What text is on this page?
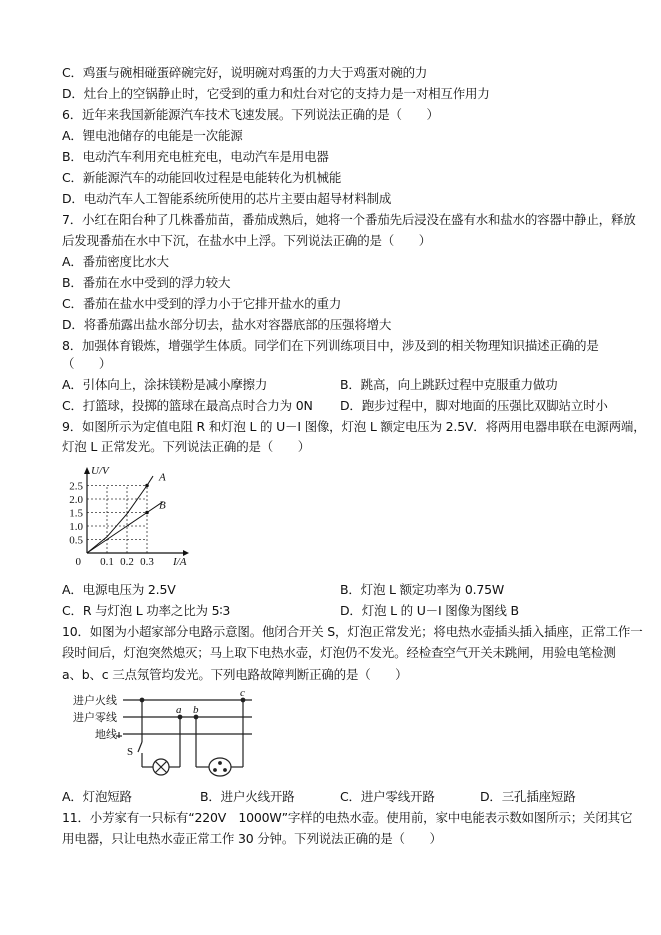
C．鸡蛋与碗相碰蛋碎碗完好，说明碗对鸡蛋的力大于鸡蛋对碗的力
D．灶台上的空锅静止时，它受到的重力和灶台对它的支持力是一对相互作用力
6．近年来我国新能源汽车技术飞速发展。下列说法正确的是（　　）
A．锂电池储存的电能是一次能源
B．电动汽车利用充电桩充电，电动汽车是用电器
C．新能源汽车的动能回收过程是电能转化为机械能
D．电动汽车人工智能系统所使用的芯片主要由超导材料制成
7．小红在阳台种了几株番茄苗，番茄成熟后，她将一个番茄先后浸没在盛有水和盐水的容器中静止，释放
后发现番茄在水中下沉，在盐水中上浮。下列说法正确的是（　　）
A．番茄密度比水大
B．番茄在水中受到的浮力较大
C．番茄在盐水中受到的浮力小于它排开盐水的重力
D．将番茄露出盐水部分切去，盐水对容器底部的压强将增大
8．加强体育锻炼，增强学生体质。同学们在下列训练项目中，涉及到的相关物理知识描述正确的是
（　　）
A．引体向上，涂抹镁粉是减小摩擦力	B．跳高，向上跳跃过程中克服重力做功
C．打篮球，投掷的篮球在最高点时合力为 0N D．跑步过程中，脚对地面的压强比双脚站立时小
9．如图所示为定值电阻 R 和灯泡 L 的 U－I 图像，灯泡 L 额定电压为 2.5V．将两用电器串联在电源两端，
灯泡 L 正常发光。下列说法正确的是（　　）
0.1 0.2 0.3
0.5
1.0
1.5
2.0
2.5
0	I/A
U/V
A
B
A．电源电压为 2.5V	B．灯泡 L 额定功率为 0.75W
C．R 与灯泡 L 功率之比为 5∶3	D．灯泡 L 的 U－I 图像为图线 B
10．如图为小超家部分电路示意图。他闭合开关 S，灯泡正常发光；将电热水壶插头插入插座，正常工作一
段时间后，灯泡突然熄灭；马上取下电热水壶，灯泡仍不发光。经检查空气开关未跳闸，用验电笔检测
a、b、c 三点氖管均发光。下列电路故障判断正确的是（　　）
进户火线
进户零线
地线
S
a b
c
A．灯泡短路	B．进户火线开路	C．进户零线开路	D．三孔插座短路
11．小芳家有一只标有“220V　1000W”字样的电热水壶。使用前，家中电能表示数如图所示；关闭其它
用电器，只让电热水壶正常工作 30 分钟。下列说法正确的是（　　）
